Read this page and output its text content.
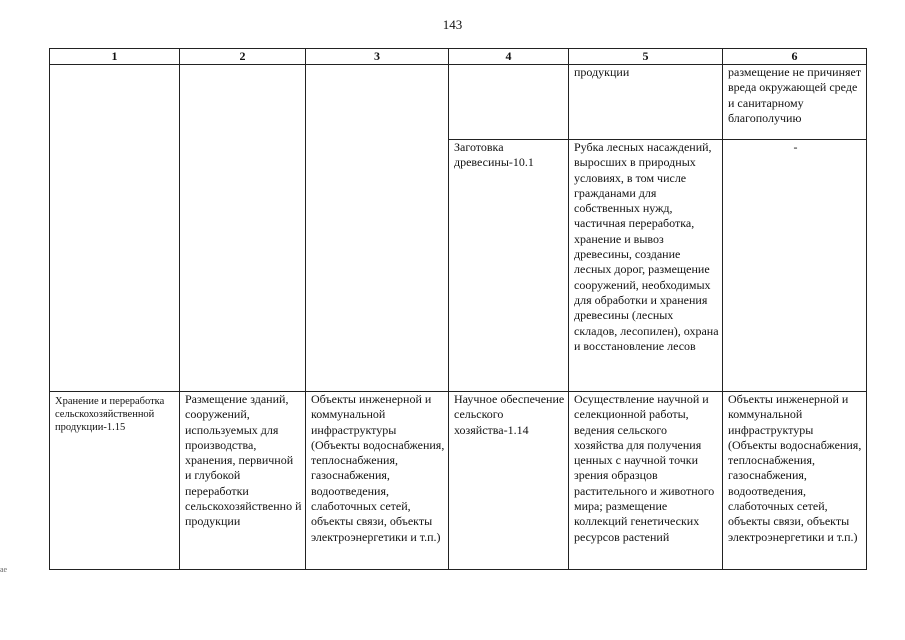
143
1	2	3	4	5	6
				продукции	размещение не причиняет вреда окружающей среде и санитарному благополучию
			Заготовка древесины-10.1	Рубка лесных насаждений, выросших в природных условиях, в том числе гражданами для собственных нужд, частичная переработка, хранение и вывоз древесины, создание лесных дорог, размещение сооружений, необходимых для обработки и хранения древесины (лесных складов, лесопилен), охрана и восстановление лесов	-
Хранение и переработка сельскохозяйственной продукции-1.15	Размещение зданий, сооружений, используемых для производства, хранения, первичной и глубокой переработки сельскохозяйственно й продукции	Объекты инженерной и коммунальной инфраструктуры (Объекты водоснабжения, теплоснабжения, газоснабжения, водоотведения, слаботочных сетей, объекты связи, объекты электроэнергетики и т.п.)	Научное обеспечение сельского хозяйства-1.14	Осуществление научной и селекционной работы, ведения сельского хозяйства для получения ценных с научной точки зрения образцов растительного и животного мира; размещение коллекций генетических ресурсов растений	Объекты инженерной и коммунальной инфраструктуры (Объекты водоснабжения, теплоснабжения, газоснабжения, водоотведения, слаботочных сетей, объекты связи, объекты электроэнергетики и т.п.)
ae
